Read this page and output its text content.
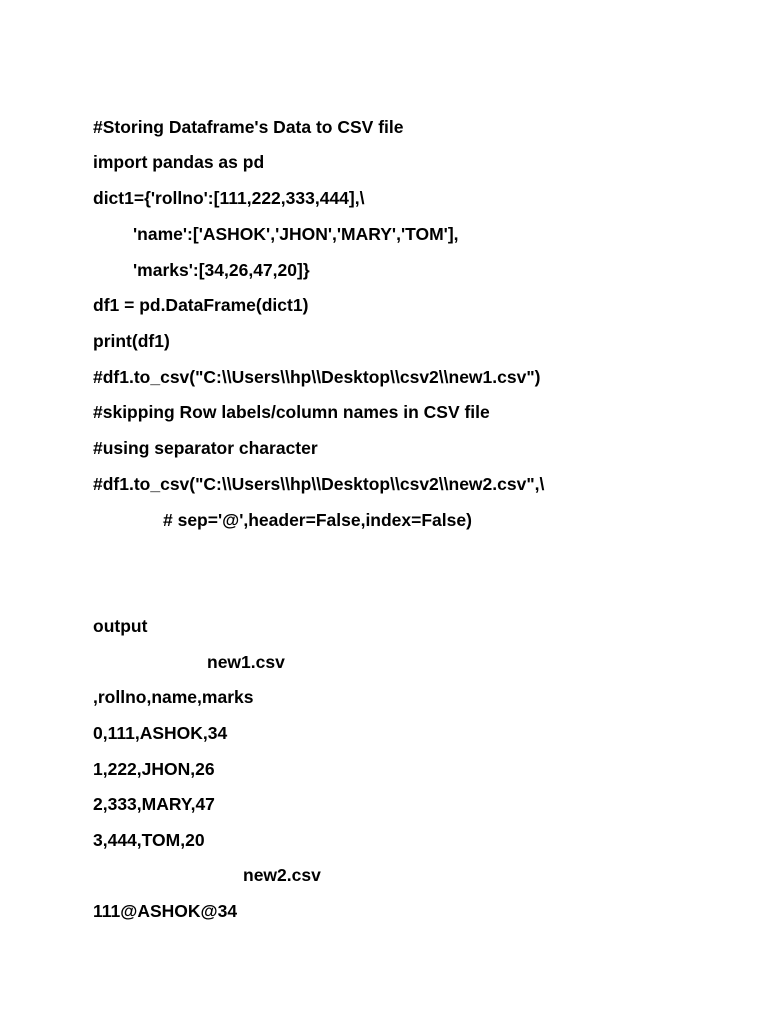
#Storing Dataframe's Data to CSV file
import pandas as pd
dict1={'rollno':[111,222,333,444],\
'name':['ASHOK','JHON','MARY','TOM'],
'marks':[34,26,47,20]}
df1 = pd.DataFrame(dict1)
print(df1)
#df1.to_csv("C:\\Users\\hp\\Desktop\\csv2\\new1.csv")
#skipping Row labels/column names in CSV file
#using separator character
#df1.to_csv("C:\\Users\\hp\\Desktop\\csv2\\new2.csv",\
# sep='@',header=False,index=False)
output
new1.csv
,rollno,name,marks
0,111,ASHOK,34
1,222,JHON,26
2,333,MARY,47
3,444,TOM,20
new2.csv
111@ASHOK@34
